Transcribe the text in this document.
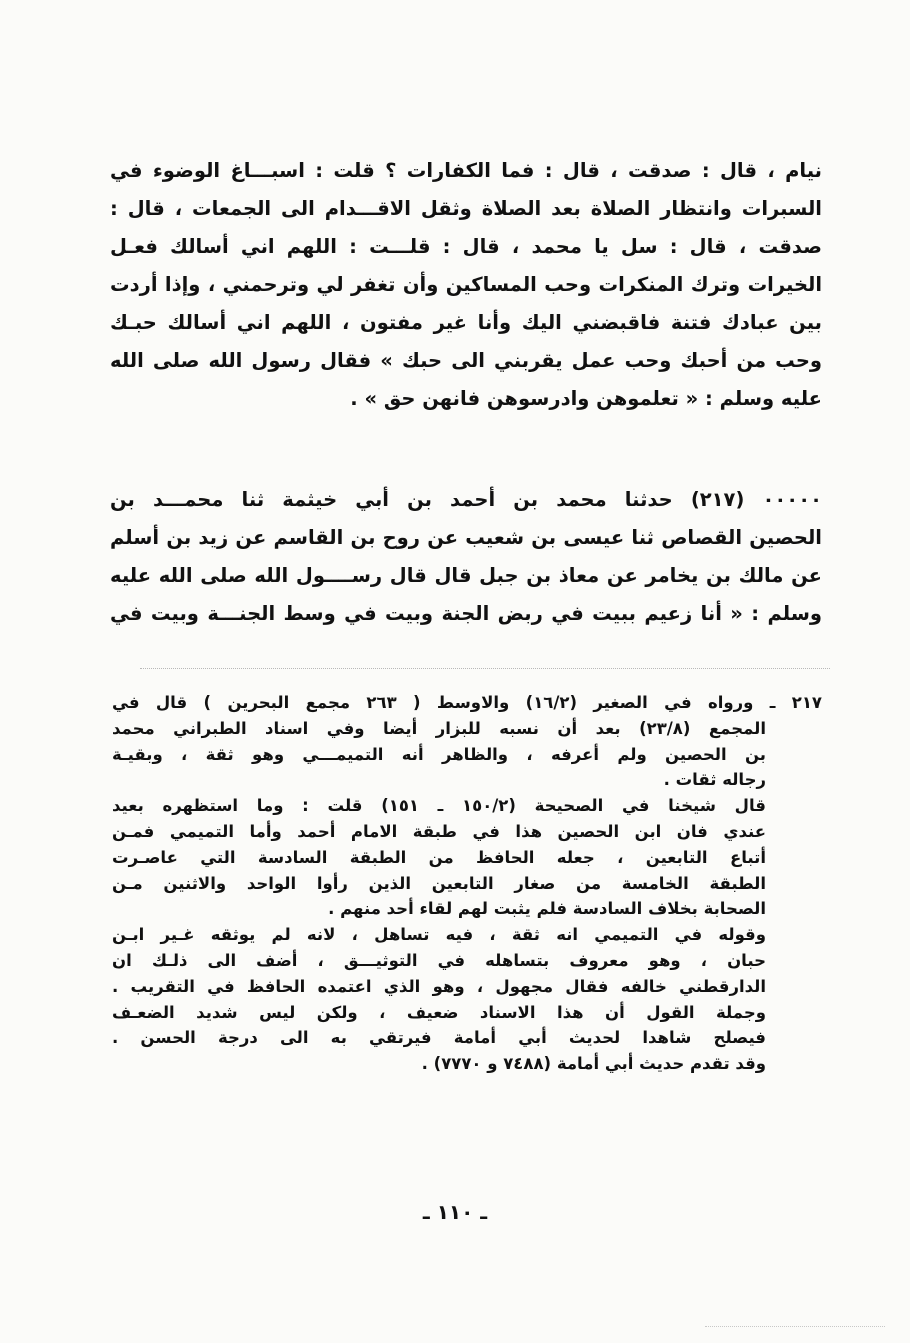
نيام ، قال : صدقت ، قال : فما الكفارات ؟ قلت : اسبـــاغ الوضوء في
السبرات وانتظار الصلاة بعد الصلاة وثقل الاقـــدام الى الجمعات ، قال :
صدقت ، قال : سل يا محمد ، قال : قلـــت : اللهم اني أسالك فعـل
الخيرات وترك المنكرات وحب المساكين وأن تغفر لي وترحمني ، وإذا أردت
بين عبادك فتنة فاقبضني اليك وأنا غير مفتون ، اللهم اني أسالك حبـك
وحب من أحبك وحب عمل يقربني الى حبك » فقال رسول الله صلى الله
عليه وسلم : « تعلموهن وادرسوهن فانهن حق » .
٠٠٠٠٠ (٢١٧) حدثنا محمد بن أحمد بن أبي خيثمة ثنا محمـــد بن
الحصين القصاص ثنا عيسى بن شعيب عن روح بن القاسم عن زيد بن أسلم
عن مالك بن يخامر عن معاذ بن جبل قال قال رســــول الله صلى الله عليه
وسلم : « أنا زعيم ببيت في ربض الجنة وبيت في وسط الجنـــة وبيت في
٢١٧ ـ ورواه في الصغير (١٦/٢) والاوسط ( ٢٦٣ مجمع البحرين ) قال في
المجمع (٢٣/٨) بعد أن نسبه للبزار أيضا وفي اسناد الطبراني محمد
بن الحصين ولم أعرفه ، والظاهر أنه التميمـــي وهو ثقة ، وبقيـة
رجاله ثقات .
قال شيخنا في الصحيحة (١٥٠/٢ ـ ١٥١) قلت : وما استظهره بعيد
عندي فان ابن الحصين هذا في طبقة الامام أحمد وأما التميمي فمـن
أتباع التابعين ، جعله الحافظ من الطبقة السادسة التي عاصـرت
الطبقة الخامسة من صغار التابعين الذين رأوا الواحد والاثنين مـن
الصحابة بخلاف السادسة فلم يثبت لهم لقاء أحد منهم .
وقوله في التميمي انه ثقة ، فيه تساهل ، لانه لم يوثقه غـير ابـن
حبان ، وهو معروف بتساهله في التوثيـــق ، أضف الى ذلـك ان
الدارقطني خالفه فقال مجهول ، وهو الذي اعتمده الحافظ في التقريب .
وجملة القول أن هذا الاسناد ضعيف ، ولكن ليس شديد الضعـف
فيصلح شاهدا لحديث أبي أمامة فيرتقي به الى درجة الحسن .
وقد تقدم حديث أبي أمامة (٧٤٨٨ و ٧٧٧٠) .
ـ ١١٠ ـ
